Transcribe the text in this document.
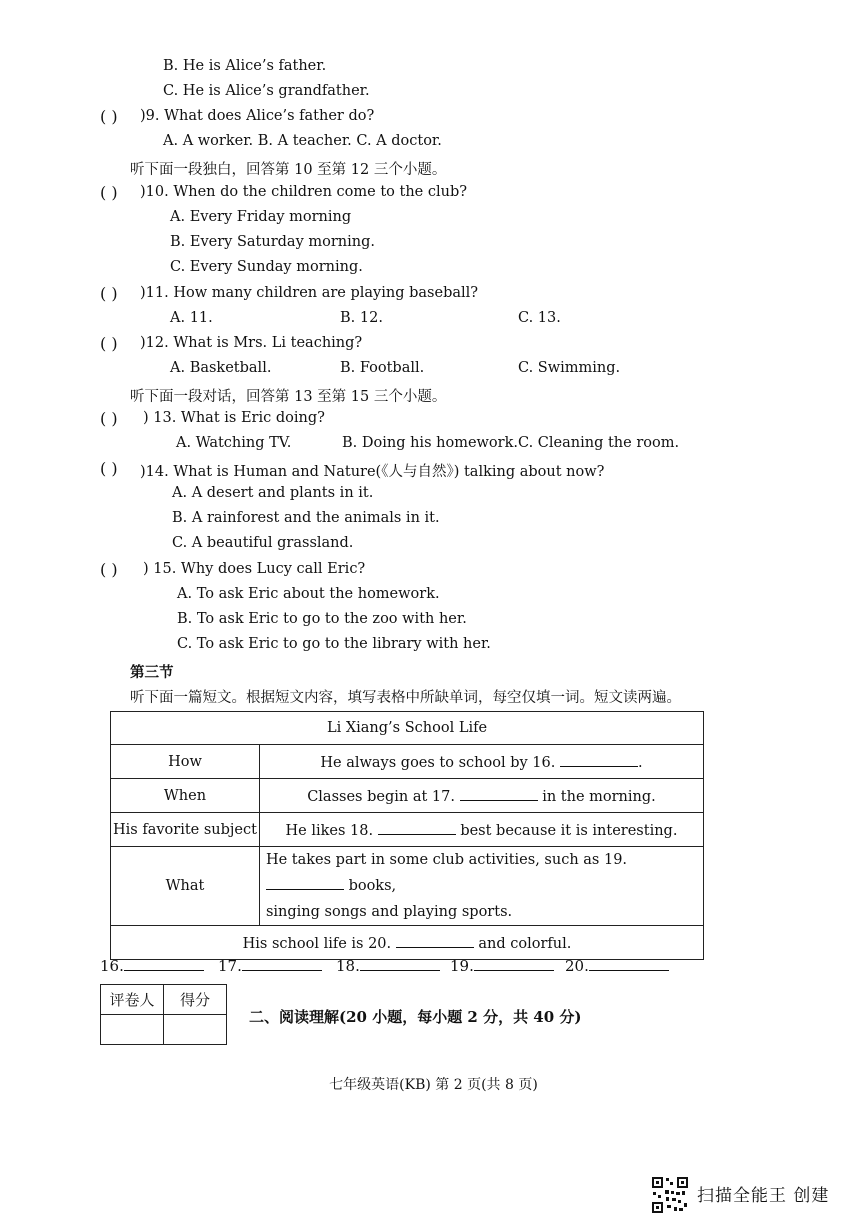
B. He is Alice’s father.
C. He is Alice’s grandfather.
( ) )9. What does Alice’s father do?
A. A worker. B. A teacher. C. A doctor.
听下面一段独白，回答第 10 至第 12 三个小题。
( ) )10. When do the children come to the club?
A. Every Friday morning
B. Every Saturday morning.
C. Every Sunday morning.
( ) )11. How many children are playing baseball?
A. 11.	B. 12.	C. 13.
( ) )12. What is Mrs. Li teaching?
A. Basketball.	B. Football.	C. Swimming.
听下面一段对话，回答第 13 至第 15 三个小题。
( ) ) 13. What is Eric doing?
A. Watching TV.	B. Doing his homework. C. Cleaning the room.
( ) )14. What is Human and Nature(《人与自然》) talking about now?
A. A desert and plants in it.
B. A rainforest and the animals in it.
C. A beautiful grassland.
( ) ) 15. Why does Lucy call Eric?
A. To ask Eric about the homework.
B. To ask Eric to go to the zoo with her.
C. To ask Eric to go to the library with her.
第三节
听下面一篇短文。根据短文内容，填写表格中所缺单词，每空仅填一词。短文读两遍。
Li Xiang’s School Life	
How	He always goes to school by 16. .
When	Classes begin at 17. in the morning.
His favorite subject	He likes 18. best because it is interesting.
What	He takes part in some club activities, such as 19.  books,
singing songs and playing sports.
His school life is 20. and colorful.	
16.	17.	18.	19.	20.
评卷人	得分

二、阅读理解(20 小题，每小题 2 分，共 40 分)
七年级英语(KB) 第 2 页(共 8 页)
扫描全能王 创建
